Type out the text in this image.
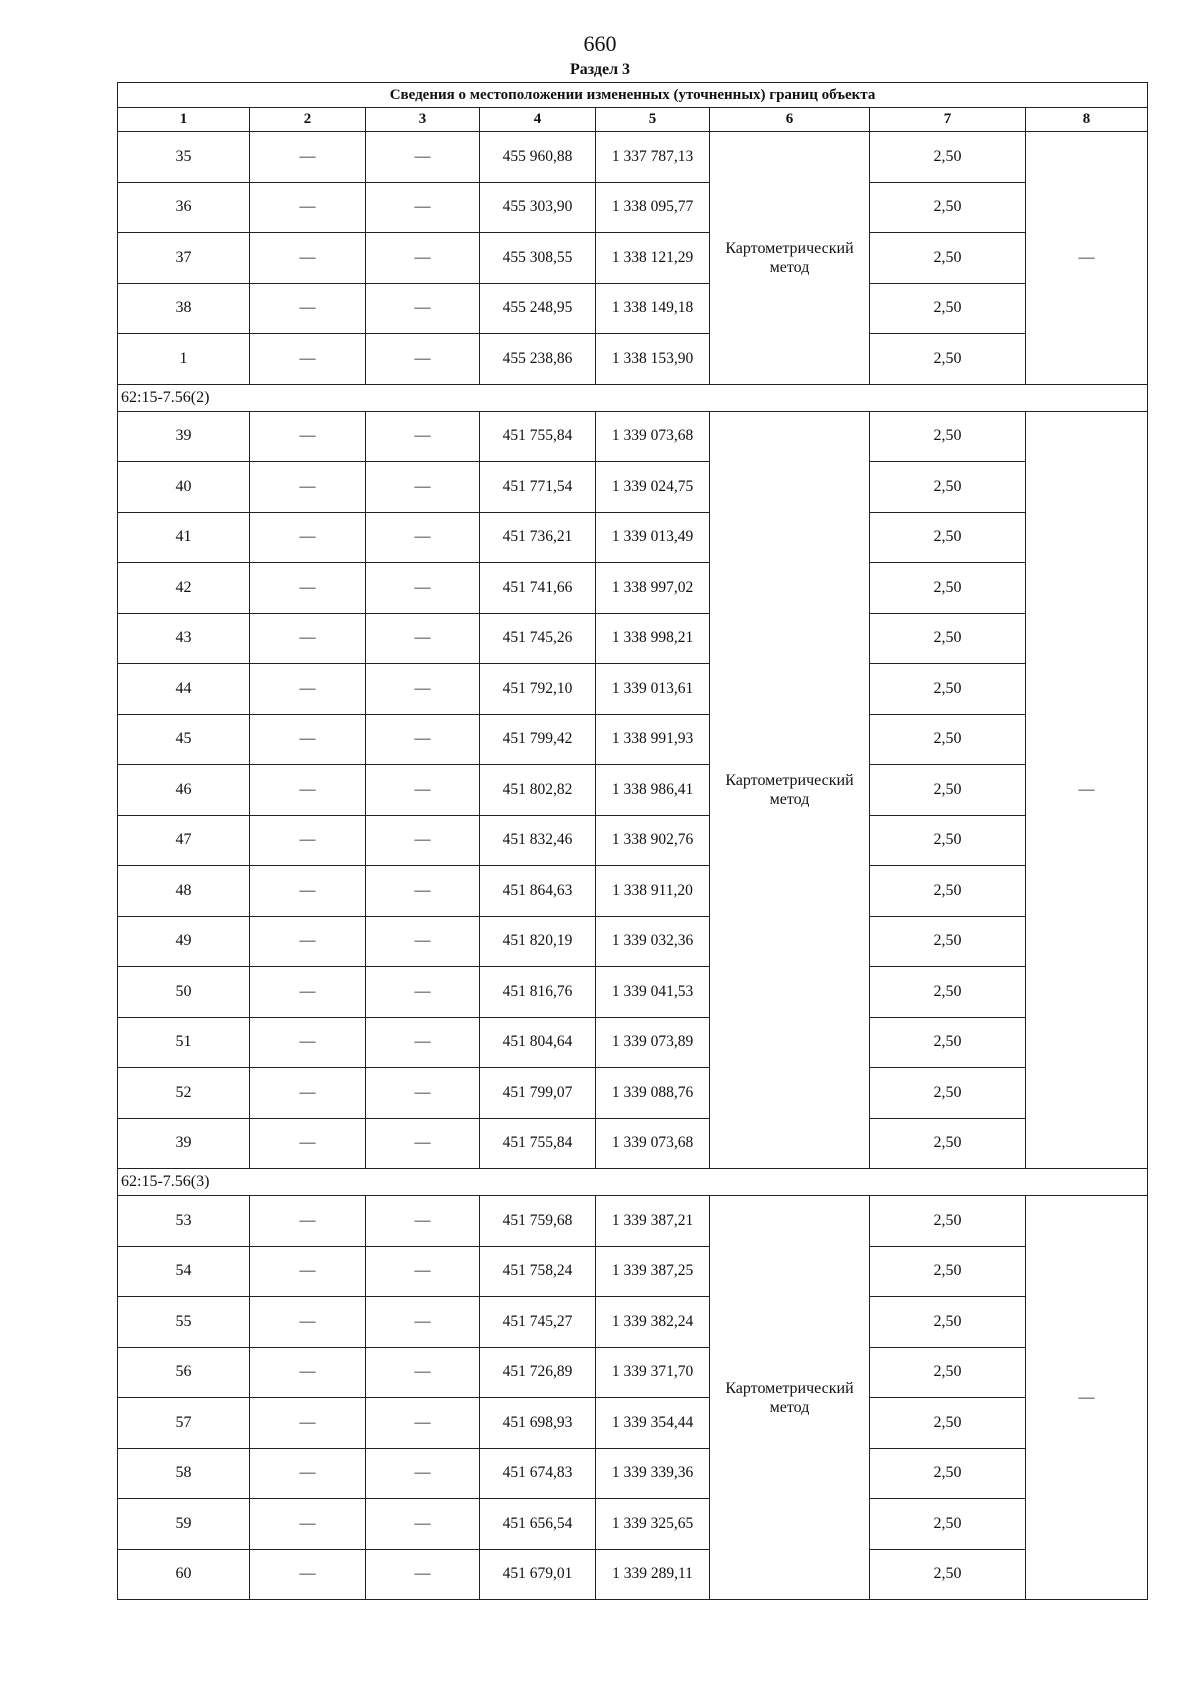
660
Раздел 3
Сведения о местоположении измененных (уточненных) границ объекта							
1	2	3	4	5	6	7	8
35	—	—	455 960,88	1 337 787,13	Картометрический метод	2,50	—
36	—	—	455 303,90	1 338 095,77		2,50	
37	—	—	455 308,55	1 338 121,29		2,50	
38	—	—	455 248,95	1 338 149,18		2,50	
1	—	—	455 238,86	1 338 153,90		2,50	
62:15-7.56(2)							
39	—	—	451 755,84	1 339 073,68	Картометрический метод	2,50	—
40	—	—	451 771,54	1 339 024,75		2,50	
41	—	—	451 736,21	1 339 013,49		2,50	
42	—	—	451 741,66	1 338 997,02		2,50	
43	—	—	451 745,26	1 338 998,21		2,50	
44	—	—	451 792,10	1 339 013,61		2,50	
45	—	—	451 799,42	1 338 991,93		2,50	
46	—	—	451 802,82	1 338 986,41		2,50	
47	—	—	451 832,46	1 338 902,76		2,50	
48	—	—	451 864,63	1 338 911,20		2,50	
49	—	—	451 820,19	1 339 032,36		2,50	
50	—	—	451 816,76	1 339 041,53		2,50	
51	—	—	451 804,64	1 339 073,89		2,50	
52	—	—	451 799,07	1 339 088,76		2,50	
39	—	—	451 755,84	1 339 073,68		2,50	
62:15-7.56(3)							
53	—	—	451 759,68	1 339 387,21	Картометрический метод	2,50	—
54	—	—	451 758,24	1 339 387,25		2,50	
55	—	—	451 745,27	1 339 382,24		2,50	
56	—	—	451 726,89	1 339 371,70		2,50	
57	—	—	451 698,93	1 339 354,44		2,50	
58	—	—	451 674,83	1 339 339,36		2,50	
59	—	—	451 656,54	1 339 325,65		2,50	
60	—	—	451 679,01	1 339 289,11		2,50	
